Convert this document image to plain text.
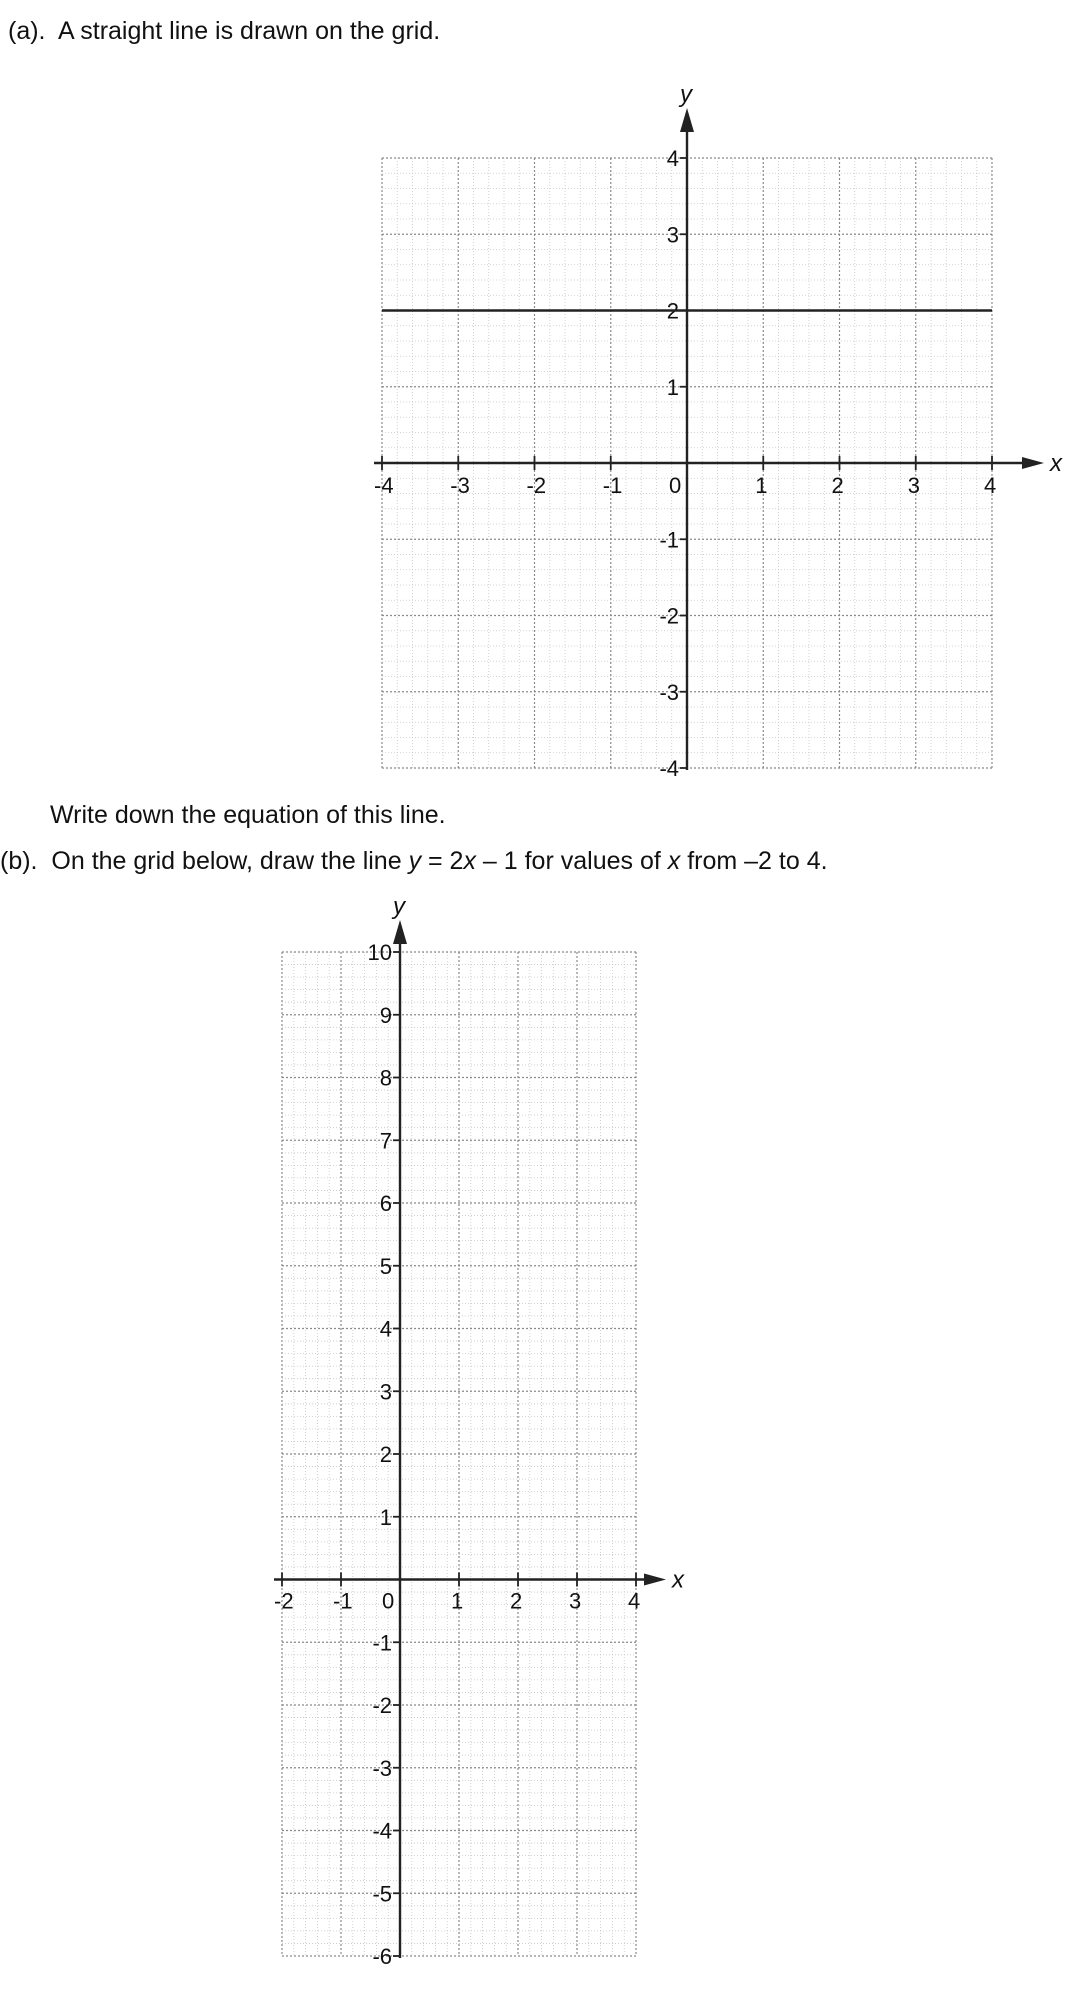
(a). A straight line is drawn on the grid.
x
y
-4	-3	-2	-1 0	1	2	3	4
-4
-3
-2
-1
1
2
3
4
Write down the equation of this line.
(b). On the grid below, draw the line y = 2x – 1 for values of x from –2 to 4.
x
y
-2 -1 0	1 2 3 4
-6
-5
-4
-3
-2
-1
1
2
3
4
5
6
7
8
9
10
